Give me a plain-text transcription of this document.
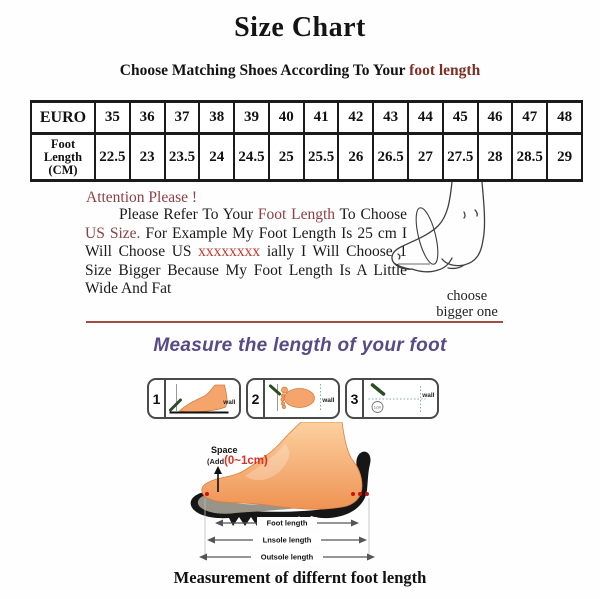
Size Chart
Choose Matching Shoes According To Your foot length
EURO	35	36	37	38	39	40	41	42	43	44	45	46	47	48
Foot
Length
(CM)	22.5	23	23.5	24	24.5	25	25.5	26	26.5	27	27.5	28	28.5	29
Attention Please !
Please Refer To Your Foot Length To Choose US Size. For Example My Foot Length Is 25 cm I Will Choose US xxxxxxxx ially I Will Choose 1 Size Bigger Because My Foot Length Is A Little Wide And Fat	choose
bigger one
Measure the length of your foot
1	wall 2	wall 3
1cm
wall
Space
(Add(0~1cm)
Foot length
Lnsole length
Outsole length
Measurement of differnt foot length
